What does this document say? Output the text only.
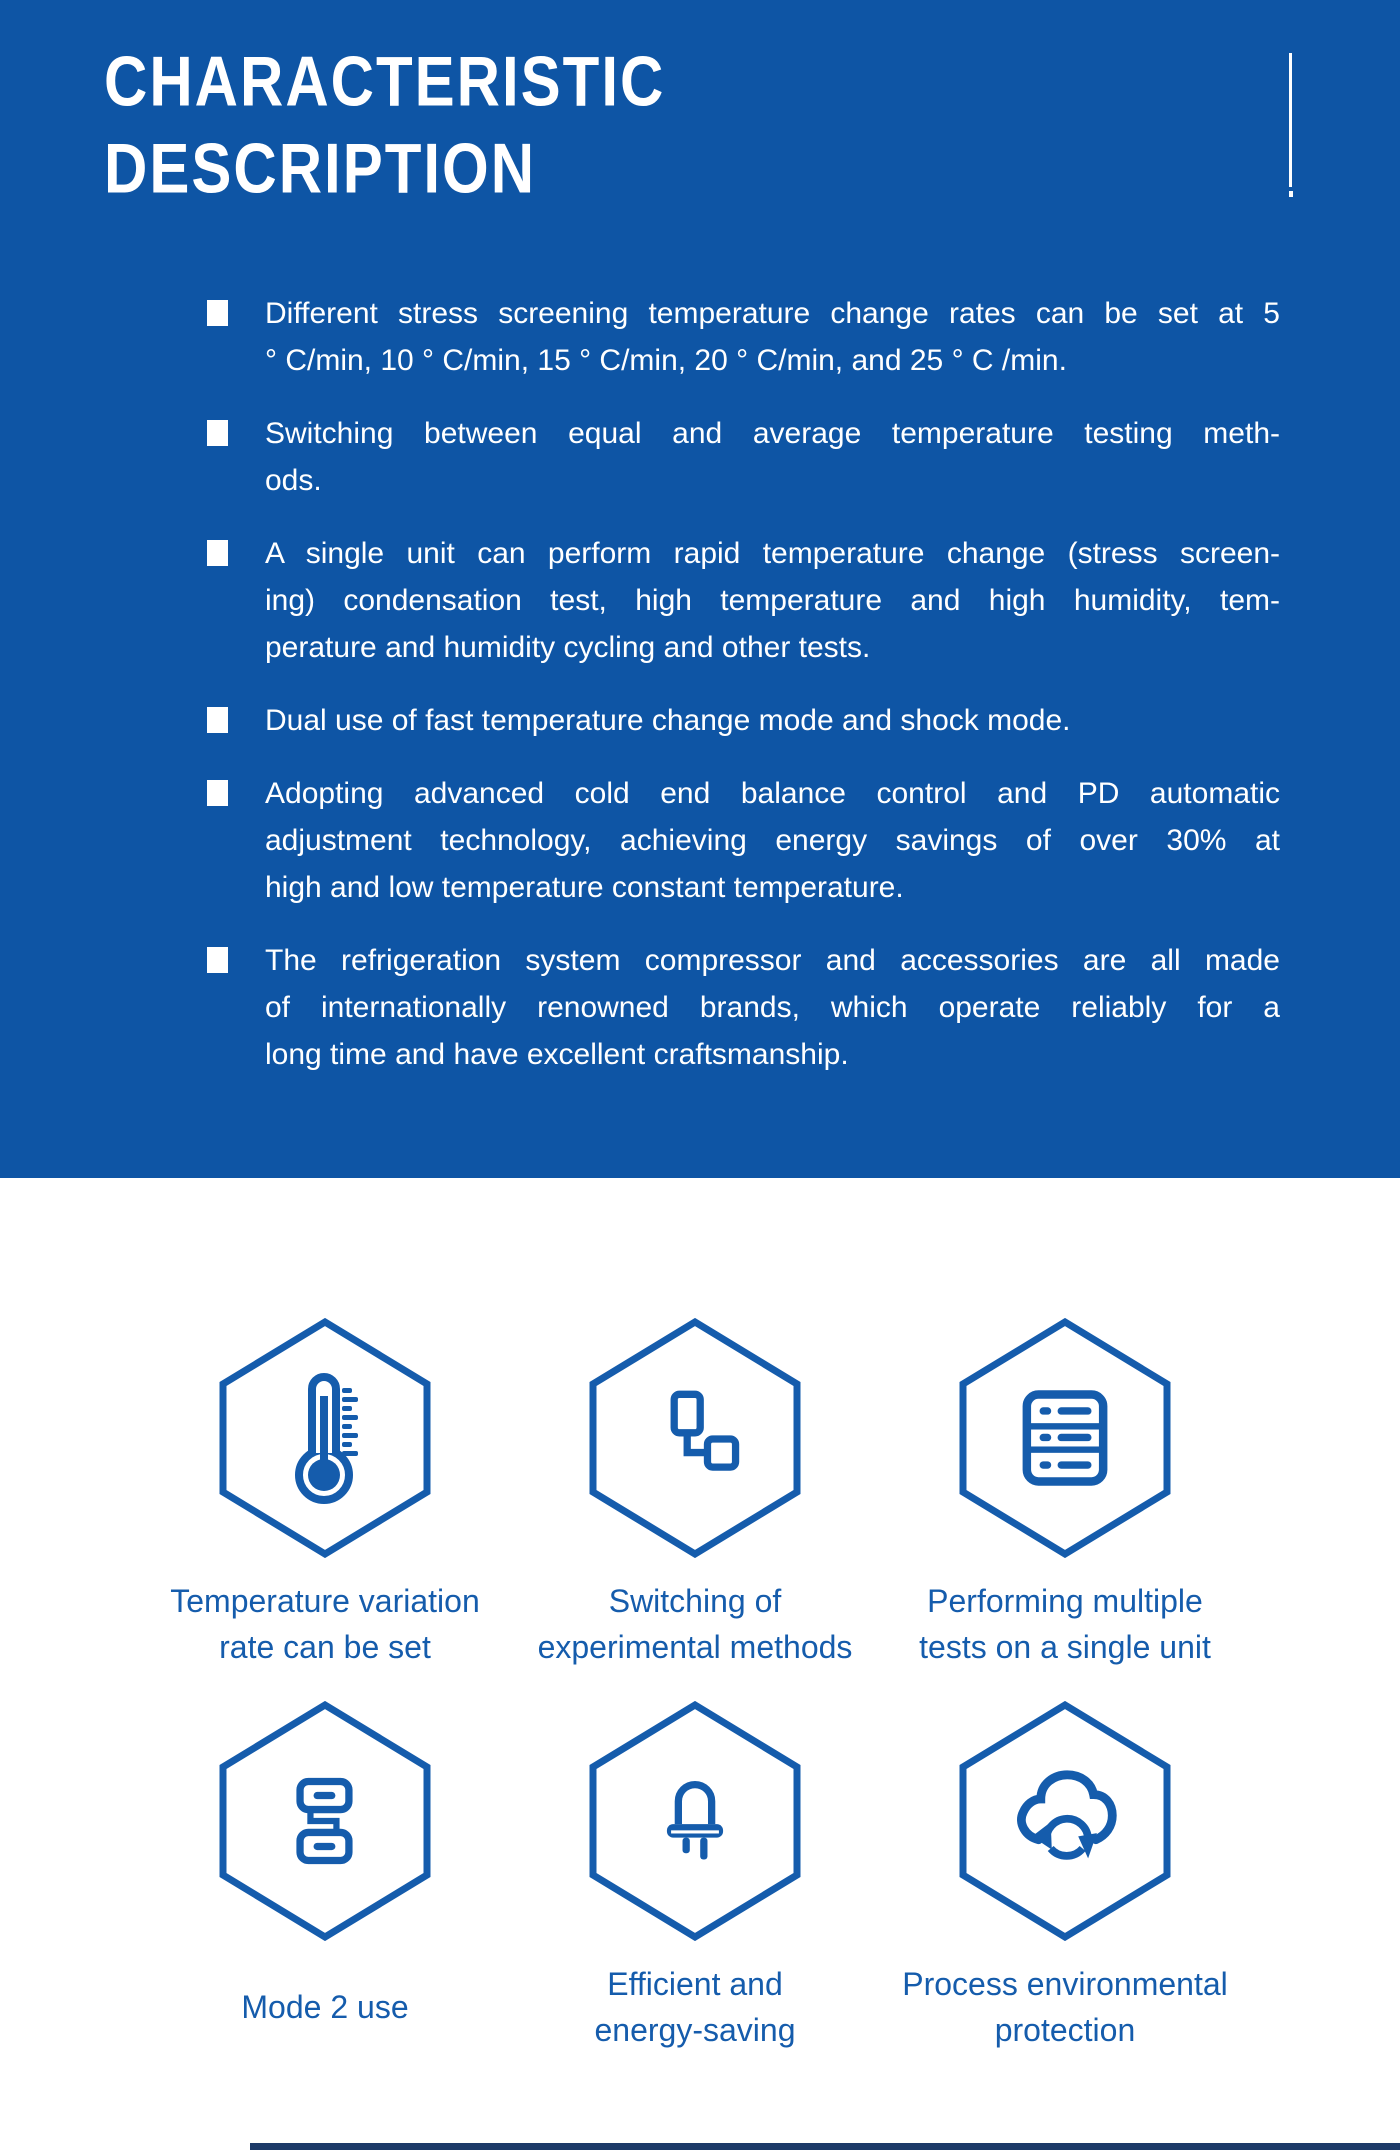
CHARACTERISTIC
DESCRIPTION
Different stress screening temperature change rates can be set at 5
° C/min, 10 ° C/min, 15 ° C/min, 20 ° C/min, and 25 ° C /min.
Switching between equal and average temperature testing meth-
ods.
A single unit can perform rapid temperature change (stress screen-
ing) condensation test, high temperature and high humidity, tem-
perature and humidity cycling and other tests.
Dual use of fast temperature change mode and shock mode.
Adopting advanced cold end balance control and PD automatic
adjustment technology, achieving energy savings of over 30% at
high and low temperature constant temperature.
The refrigeration system compressor and accessories are all made
of internationally renowned brands, which operate reliably for a
long time and have excellent craftsmanship.
Temperature variation
rate can be set
Switching of
experimental methods
Performing multiple
tests on a single unit
Mode 2 use
Efficient and
energy-saving
Process environmental
protection
